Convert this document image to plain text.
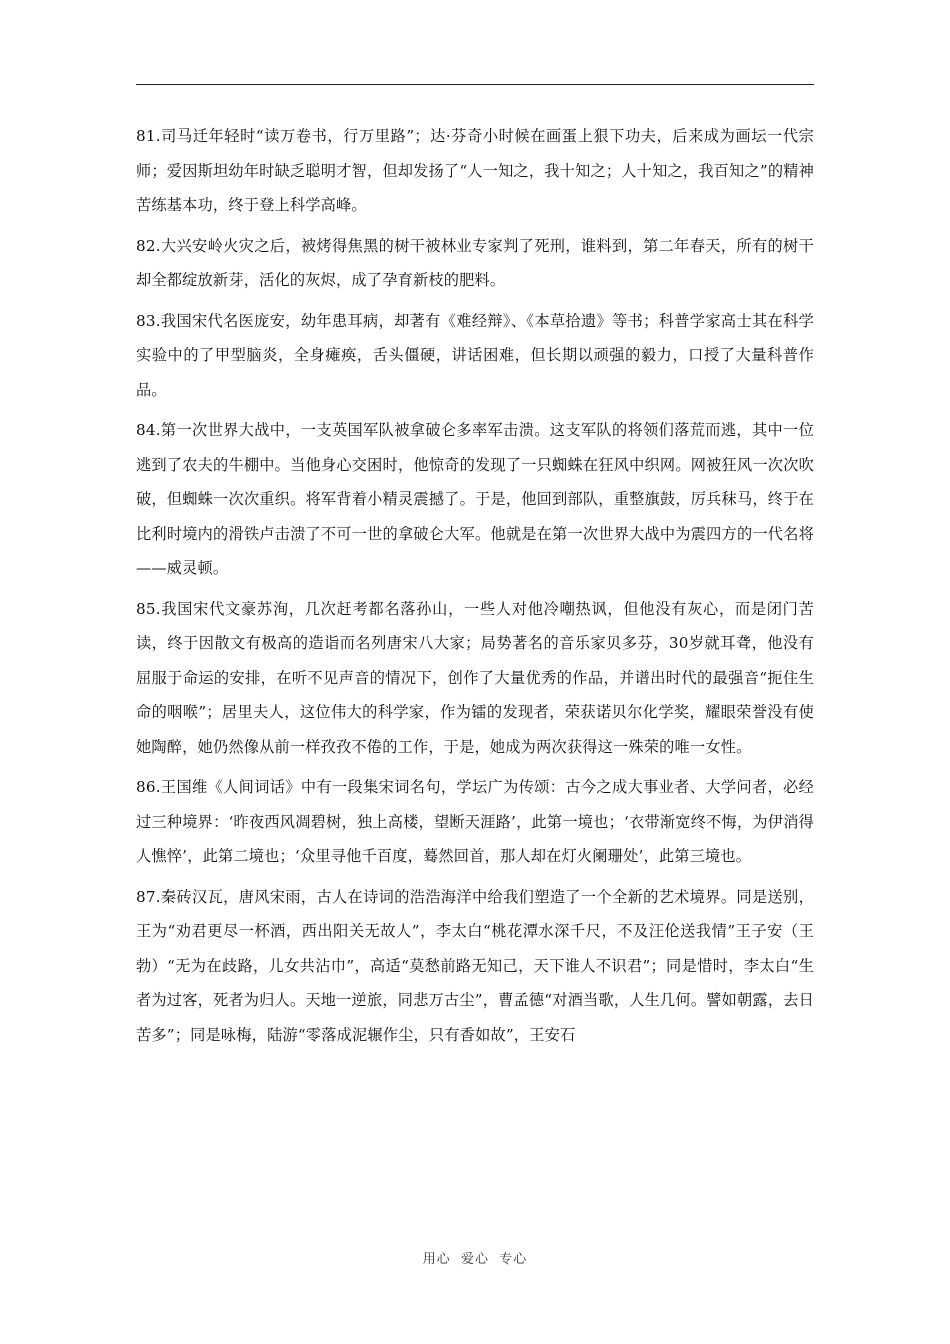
81.司马迁年轻时“读万卷书，行万里路”；达·芬奇小时候在画蛋上狠下功夫，后来成为画坛一代宗师；爱因斯坦幼年时缺乏聪明才智，但却发扬了“人一知之，我十知之；人十知之，我百知之”的精神苦练基本功，终于登上科学高峰。

82.大兴安岭火灾之后，被烤得焦黑的树干被林业专家判了死刑，谁料到，第二年春天，所有的树干却全都绽放新芽，活化的灰烬，成了孕育新枝的肥料。

83.我国宋代名医庞安，幼年患耳病，却著有《难经辩》、《本草拾遗》等书；科普学家高士其在科学实验中的了甲型脑炎，全身瘫痪，舌头僵硬，讲话困难，但长期以顽强的毅力，口授了大量科普作品。

84.第一次世界大战中，一支英国军队被拿破仑多率军击溃。这支军队的将领们落荒而逃，其中一位逃到了农夫的牛棚中。当他身心交困时，他惊奇的发现了一只蜘蛛在狂风中织网。网被狂风一次次吹破，但蜘蛛一次次重织。将军背着小精灵震撼了。于是，他回到部队，重整旗鼓，厉兵秣马，终于在比利时境内的滑铁卢击溃了不可一世的拿破仑大军。他就是在第一次世界大战中为震四方的一代名将——威灵顿。

85.我国宋代文豪苏洵，几次赶考都名落孙山，一些人对他冷嘲热讽，但他没有灰心，而是闭门苦读，终于因散文有极高的造诣而名列唐宋八大家；局势著名的音乐家贝多芬，30岁就耳聋，他没有屈服于命运的安排，在听不见声音的情况下，创作了大量优秀的作品，并谱出时代的最强音“扼住生命的咽喉”；居里夫人，这位伟大的科学家，作为镭的发现者，荣获诺贝尔化学奖，耀眼荣誉没有使她陶醉，她仍然像从前一样孜孜不倦的工作，于是，她成为两次获得这一殊荣的唯一女性。

86.王国维《人间词话》中有一段集宋词名句，学坛广为传颂：古今之成大事业者、大学问者，必经过三种境界：‘昨夜西风凋碧树，独上高楼，望断天涯路’，此第一境也；‘衣带渐宽终不悔，为伊消得人憔悴’，此第二境也；‘众里寻他千百度，蓦然回首，那人却在灯火阑珊处’，此第三境也。

87.秦砖汉瓦，唐风宋雨，古人在诗词的浩浩海洋中给我们塑造了一个全新的艺术境界。同是送别，王为“劝君更尽一杯酒，西出阳关无故人”，李太白“桃花潭水深千尺，不及汪伦送我情”王子安（王勃）“无为在歧路，儿女共沾巾”，高适“莫愁前路无知己，天下谁人不识君”；同是惜时，李太白“生者为过客，死者为归人。天地一逆旅，同悲万古尘”，曹孟德“对酒当歌，人生几何。譬如朝露，去日苦多”；同是咏梅，陆游“零落成泥辗作尘，只有香如故”，王安石

用心  爱心  专心
